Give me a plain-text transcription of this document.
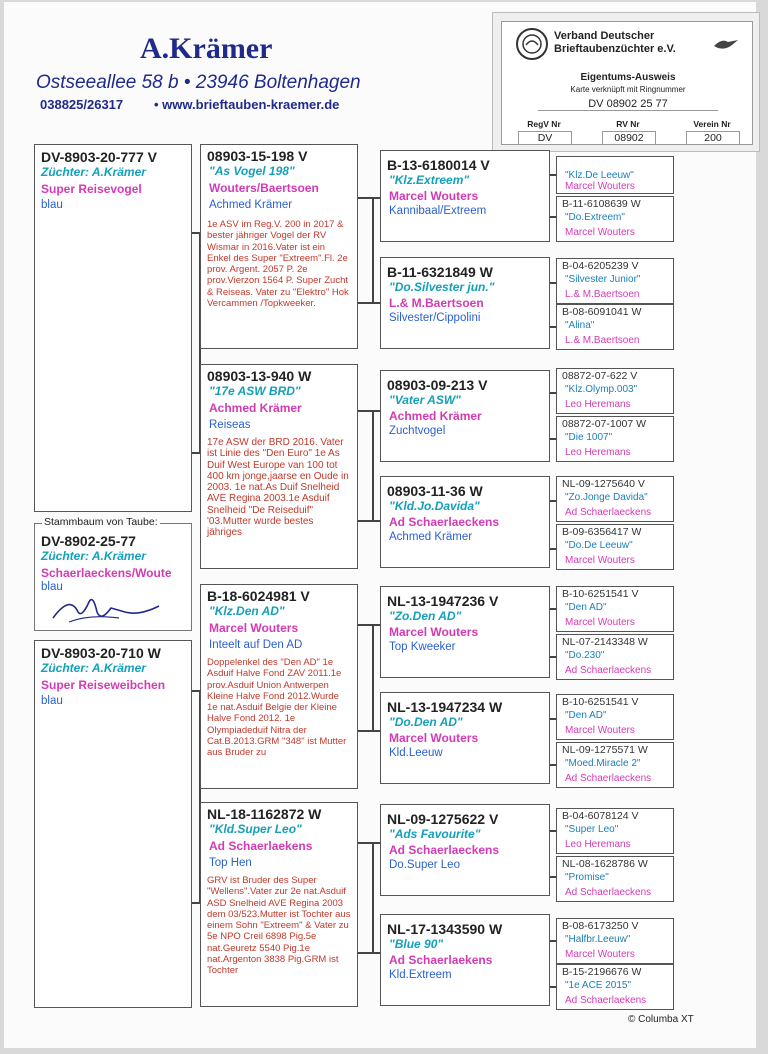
A.Krämer
Ostseeallee 58 b • 23946 Boltenhagen
038825/26317 • www.brieftauben-kraemer.de
Verband Deutscher
Brieftaubenzüchter e.V.
Eigentums-Ausweis
Karte verknüpft mit Ringnummer
DV 08902 25 77
RegV Nr	RV Nr	Verein Nr
DV	08902	200
DV-8903-20-777 V
Züchter: A.Krämer
Super Reisevogel
blau
Stammbaum von Taube:
DV-8902-25-77
Züchter: A.Krämer
Schaerlaeckens/Woute
blau
DV-8903-20-710 W
Züchter: A.Krämer
Super Reiseweibchen
blau
08903-15-198 V
"As Vogel 198"
Wouters/Baertsoen
Achmed Krämer
1e ASV im Reg.V. 200 in 2017 & bester jähriger Vogel der RV Wismar in 2016.Vater ist ein Enkel des Super "Extreem".Fl. 2e prov. Argent. 2057 P. 2e prov.Vierzon 1564 P. Super Zucht & Reiseas. Vater zu "Elektro" Hok Vercammen /Topkweeker.
08903-13-940 W
"17e ASW BRD"
Achmed Krämer
Reiseas
17e ASW der BRD 2016. Vater ist Linie des "Den Euro" 1e As Duif West Europe van 100 tot 400 km jonge,jaarse en Oude in 2003. 1e nat.As Duif Snelheid AVE Regina 2003.1e Asduif Snelheid "De Reiseduif" '03.Mutter wurde bestes jähriges
B-18-6024981 V
"Klz.Den AD"
Marcel Wouters
Inteelt auf Den AD
Doppelenkel des "Den AD" 1e Asduif Halve Fond ZAV 2011.1e prov.Asduif Union Antwerpen Kleine Halve Fond 2012.Wurde 1e nat.Asduif Belgie der Kleine Halve Fond 2012. 1e Olympiadeduif Nitra der Cat.B.2013.GRM "348" ist Mutter aus Bruder zu
NL-18-1162872 W
"Kld.Super Leo"
Ad Schaerlaekens
Top Hen
GRV ist Bruder des Super "Wellens".Vater zur 2e nat.Asduif ASD Snelheid AVE Regina 2003 dem 03/523.Mutter ist Tochter aus einem Sohn "Extreem" & Vater zu 5e NPO Creil 6898 Pig.5e nat.Geuretz 5540 Pig.1e nat.Argenton 3838 Pig.GRM ist Tochter
B-13-6180014 V
"Klz.Extreem"
Marcel Wouters
Kannibaal/Extreem
B-11-6321849 W
"Do.Silvester jun."
L.& M.Baertsoen
Silvester/Cippolini
08903-09-213 V
"Vater ASW"
Achmed Krämer
Zuchtvogel
08903-11-36 W
"Kld.Jo.Davida"
Ad Schaerlaeckens
Achmed Krämer
NL-13-1947236 V
"Zo.Den AD"
Marcel Wouters
Top Kweeker
NL-13-1947234 W
"Do.Den AD"
Marcel Wouters
Kld.Leeuw
NL-09-1275622 V
"Ads Favourite"
Ad Schaerlaeckens
Do.Super Leo
NL-17-1343590 W
"Blue 90"
Ad Schaerlaekens
Kld.Extreem
"Klz.De Leeuw"
Marcel Wouters
B-11-6108639 W
"Do.Extreem"
Marcel Wouters
B-04-6205239 V
"Silvester Junior"
L.& M.Baertsoen
B-08-6091041 W
"Alina"
L.& M.Baertsoen
08872-07-622 V
"Klz.Olymp.003"
Leo Heremans
08872-07-1007 W
"Die 1007"
Leo Heremans
NL-09-1275640 V
"Zo.Jonge Davida"
Ad Schaerlaeckens
B-09-6356417 W
"Do.De Leeuw"
Marcel Wouters
B-10-6251541 V
"Den AD"
Marcel Wouters
NL-07-2143348 W
"Do.230"
Ad Schaerlaeckens
B-10-6251541 V
"Den AD"
Marcel Wouters
NL-09-1275571 W
"Moed.Miracle 2"
Ad Schaerlaeckens
B-04-6078124 V
"Super Leo"
Leo Heremans
NL-08-1628786 W
"Promise"
Ad Schaerlaeckens
B-08-6173250 V
"Halfbr.Leeuw"
Marcel Wouters
B-15-2196676 W
"1e ACE 2015"
Ad Schaerlaekens
© Columba XT
